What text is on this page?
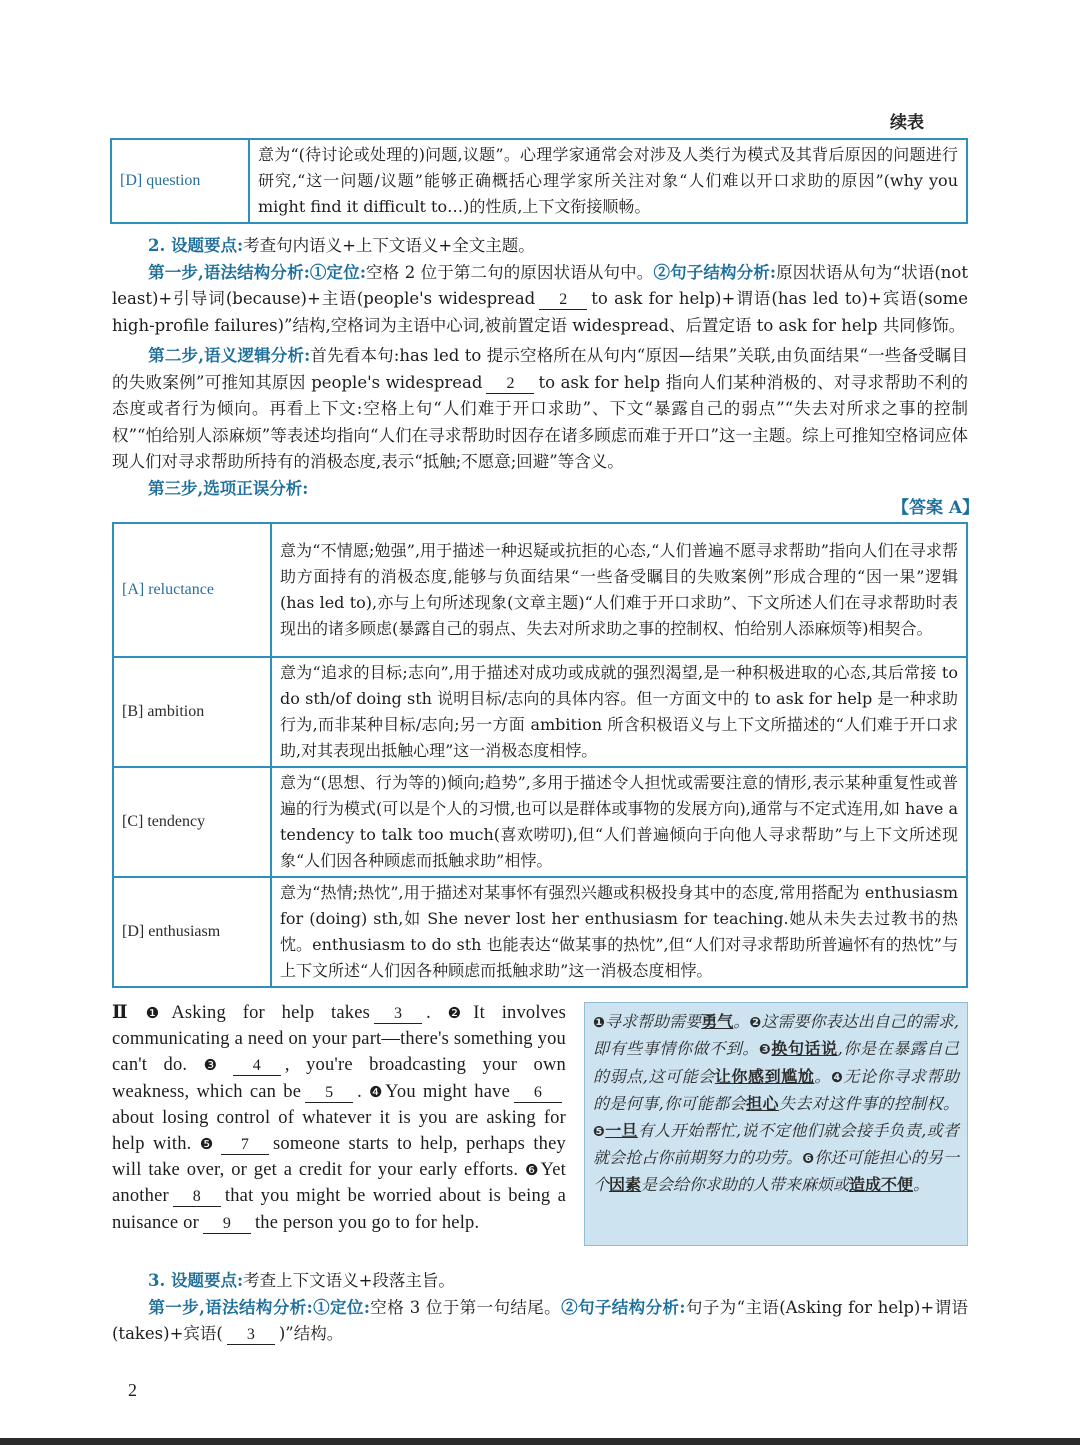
续表
[D] question	意为“(待讨论或处理的)问题,议题”。心理学家通常会对涉及人类行为模式及其背后原因的问题进行研究,“这一问题/议题”能够正确概括心理学家所关注对象“人们难以开口求助的原因”(why you might find it difficult to…)的性质,上下文衔接顺畅。
2. 设题要点:考查句内语义+上下文语义+全文主题。
第一步,语法结构分析:①定位:空格 2 位于第二句的原因状语从句中。②句子结构分析:原因状语从句为“状语(not least)+引导词(because)+主语(people's widespread 2 to ask for help)+谓语(has led to)+宾语(some high-profile failures)”结构,空格词为主语中心词,被前置定语 widespread、后置定语 to ask for help 共同修饰。
第二步,语义逻辑分析:首先看本句:has led to 提示空格所在从句内“原因—结果”关联,由负面结果“一些备受瞩目的失败案例”可推知其原因 people's widespread 2 to ask for help 指向人们某种消极的、对寻求帮助不利的态度或者行为倾向。再看上下文:空格上句“人们难于开口求助”、下文“暴露自己的弱点”“失去对所求之事的控制权”“怕给别人添麻烦”等表述均指向“人们在寻求帮助时因存在诸多顾虑而难于开口”这一主题。综上可推知空格词应体现人们对寻求帮助所持有的消极态度,表示“抵触;不愿意;回避”等含义。
第三步,选项正误分析:
【答案 A】
[A] reluctance	意为“不情愿;勉强”,用于描述一种迟疑或抗拒的心态,“人们普遍不愿寻求帮助”指向人们在寻求帮助方面持有的消极态度,能够与负面结果“一些备受瞩目的失败案例”形成合理的“因一果”逻辑(has led to),亦与上句所述现象(文章主题)“人们难于开口求助”、下文所述人们在寻求帮助时表现出的诸多顾虑(暴露自己的弱点、失去对所求助之事的控制权、怕给别人添麻烦等)相契合。
[B] ambition	意为“追求的目标;志向”,用于描述对成功或成就的强烈渴望,是一种积极进取的心态,其后常接 to do sth/of doing sth 说明目标/志向的具体内容。但一方面文中的 to ask for help 是一种求助行为,而非某种目标/志向;另一方面 ambition 所含积极语义与上下文所描述的“人们难于开口求助,对其表现出抵触心理”这一消极态度相悖。
[C] tendency	意为“(思想、行为等的)倾向;趋势”,多用于描述令人担忧或需要注意的情形,表示某种重复性或普遍的行为模式(可以是个人的习惯,也可以是群体或事物的发展方向),通常与不定式连用,如 have a tendency to talk too much(喜欢唠叨),但“人们普遍倾向于向他人寻求帮助”与上下文所述现象“人们因各种顾虑而抵触求助”相悖。
[D] enthusiasm	意为“热情;热忱”,用于描述对某事怀有强烈兴趣或积极投身其中的态度,常用搭配为 enthusiasm for (doing) sth,如 She never lost her enthusiasm for teaching.她从未失去过教书的热忱。enthusiasm to do sth 也能表达“做某事的热忱”,但“人们对寻求帮助所普遍怀有的热忱”与上下文所述“人们因各种顾虑而抵触求助”这一消极态度相悖。
Ⅱ ❶Asking for help takes 3 . ❷It involves communicating a need on your part—there's something you can't do. ❸ 4 , you're broadcasting your own weakness, which can be 5 . ❹You might have 6about losing control of whatever it is you are asking for help with. ❺ 7 someone starts to help, perhaps they will take over, or get a credit for your early efforts. ❻Yet another 8 that you might be worried about is being a nuisance or 9 the person you go to for help.
❶寻求帮助需要勇气。❷这需要你表达出自己的需求,即有些事情你做不到。❸换句话说,你是在暴露自己的弱点,这可能会让你感到尴尬。❹无论你寻求帮助的是何事,你可能都会担心失去对这件事的控制权。❺一旦有人开始帮忙,说不定他们就会接手负责,或者就会抢占你前期努力的功劳。❻你还可能担心的另一个因素是会给你求助的人带来麻烦或造成不便。
3. 设题要点:考查上下文语义+段落主旨。
第一步,语法结构分析:①定位:空格 3 位于第一句结尾。②句子结构分析:句子为“主语(Asking for help)+谓语(takes)+宾语( 3 )”结构。
2
